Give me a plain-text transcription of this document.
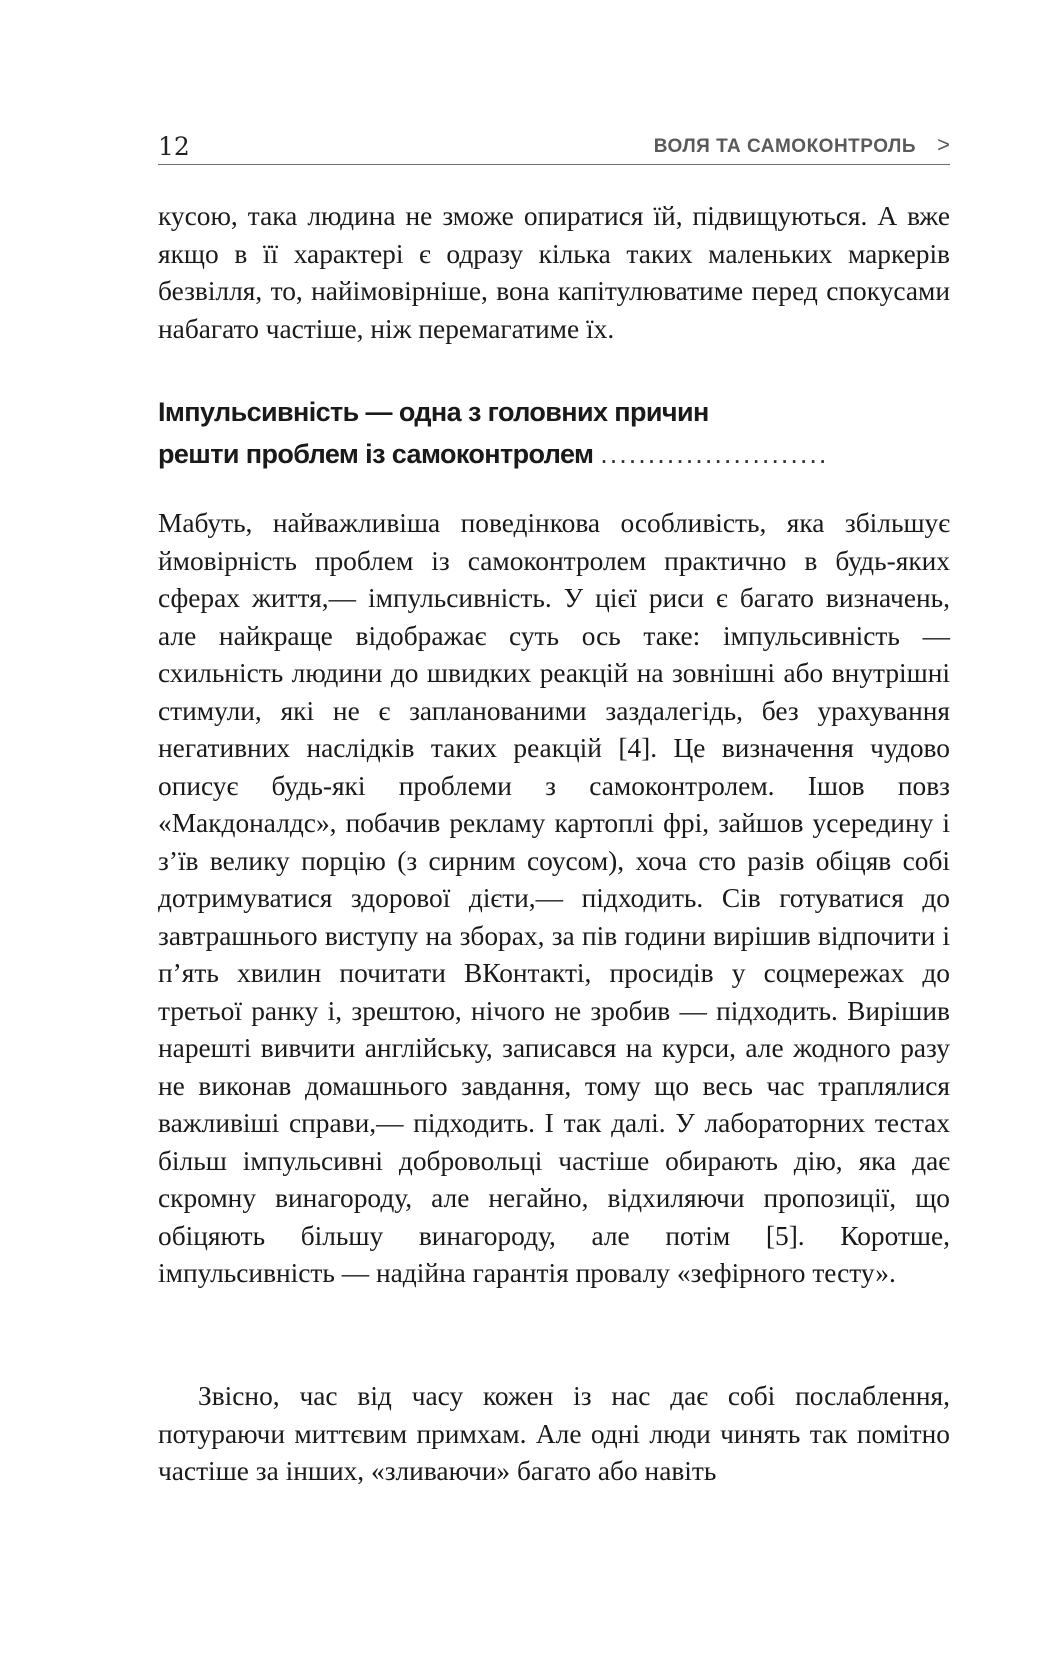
12	ВОЛЯ ТА САМОКОНТРОЛЬ >

кусою, така людина не зможе опиратися їй, підвищуються. А вже якщо в її характері є одразу кілька таких маленьких маркерів безвілля, то, найімовірніше, вона капітулюватиме перед спокусами набагато частіше, ніж перемагатиме їх.

Імпульсивність — одна з головних причин
решти проблем із самоконтролем ........................

Мабуть, найважливіша поведінкова особливість, яка збільшує ймовірність проблем із самоконтролем практично в будь-яких сферах життя,— імпульсивність. У цієї риси є багато визначень, але найкраще відображає суть ось таке: імпульсивність — схильність людини до швидких реакцій на зовнішні або внутрішні стимули, які не є запланованими заздалегідь, без урахування негативних наслідків таких реакцій [4]. Це визначення чудово описує будь-які проблеми з самоконтролем. Ішов повз «Макдоналдс», побачив рекламу картоплі фрі, зайшов усередину і з’їв велику порцію (з сирним соусом), хоча сто разів обіцяв собі дотримуватися здорової дієти,— підходить. Сів готуватися до завтрашнього виступу на зборах, за пів години вирішив відпочити і п’ять хвилин почитати ВКонтакті, просидів у соцмережах до третьої ранку і, зрештою, нічого не зробив — підходить. Вирішив нарешті вивчити англійську, записався на курси, але жодного разу не виконав домашнього завдання, тому що весь час траплялися важливіші справи,— підходить. І так далі. У лабораторних тестах більш імпульсивні добровольці частіше обирають дію, яка дає скромну винагороду, але негайно, відхиляючи пропозиції, що обіцяють більшу винагороду, але потім [5]. Коротше, імпульсивність — надійна гарантія провалу «зефірного тесту».

Звісно, час від часу кожен із нас дає собі послаблення, потураючи миттєвим примхам. Але одні люди чинять так помітно частіше за інших, «зливаючи» багато або навіть
